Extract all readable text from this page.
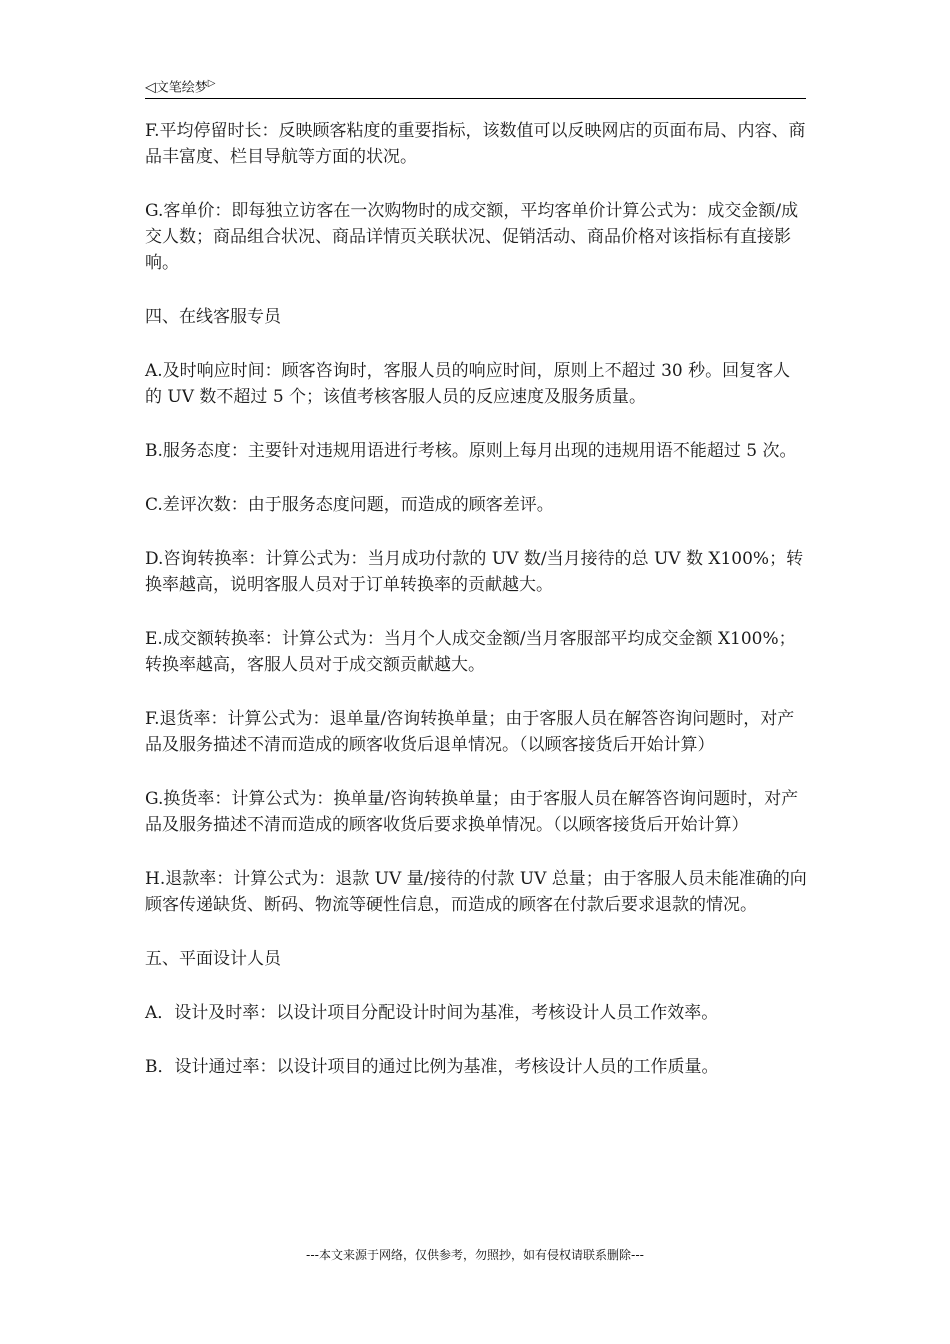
◁文笔绘梦▷

F.平均停留时长：反映顾客粘度的重要指标，该数值可以反映网店的页面布局、内容、商品丰富度、栏目导航等方面的状况。

G.客单价：即每独立访客在一次购物时的成交额，平均客单价计算公式为：成交金额/成交人数；商品组合状况、商品详情页关联状况、促销活动、商品价格对该指标有直接影响。

四、在线客服专员

A.及时响应时间：顾客咨询时，客服人员的响应时间，原则上不超过 30 秒。回复客人的 UV 数不超过 5 个；该值考核客服人员的反应速度及服务质量。

B.服务态度：主要针对违规用语进行考核。原则上每月出现的违规用语不能超过 5 次。

C.差评次数：由于服务态度问题，而造成的顾客差评。

D.咨询转换率：计算公式为：当月成功付款的 UV 数/当月接待的总 UV 数 X100%；转换率越高，说明客服人员对于订单转换率的贡献越大。

E.成交额转换率：计算公式为：当月个人成交金额/当月客服部平均成交金额 X100%；转换率越高，客服人员对于成交额贡献越大。

F.退货率：计算公式为：退单量/咨询转换单量；由于客服人员在解答咨询问题时，对产品及服务描述不清而造成的顾客收货后退单情况。（以顾客接货后开始计算）

G.换货率：计算公式为：换单量/咨询转换单量；由于客服人员在解答咨询问题时，对产品及服务描述不清而造成的顾客收货后要求换单情况。（以顾客接货后开始计算）

H.退款率：计算公式为：退款 UV 量/接待的付款 UV 总量；由于客服人员未能准确的向顾客传递缺货、断码、物流等硬性信息，而造成的顾客在付款后要求退款的情况。

五、平面设计人员

A．设计及时率：以设计项目分配设计时间为基准，考核设计人员工作效率。

B．设计通过率：以设计项目的通过比例为基准，考核设计人员的工作质量。

---本文来源于网络，仅供参考，勿照抄，如有侵权请联系删除---
